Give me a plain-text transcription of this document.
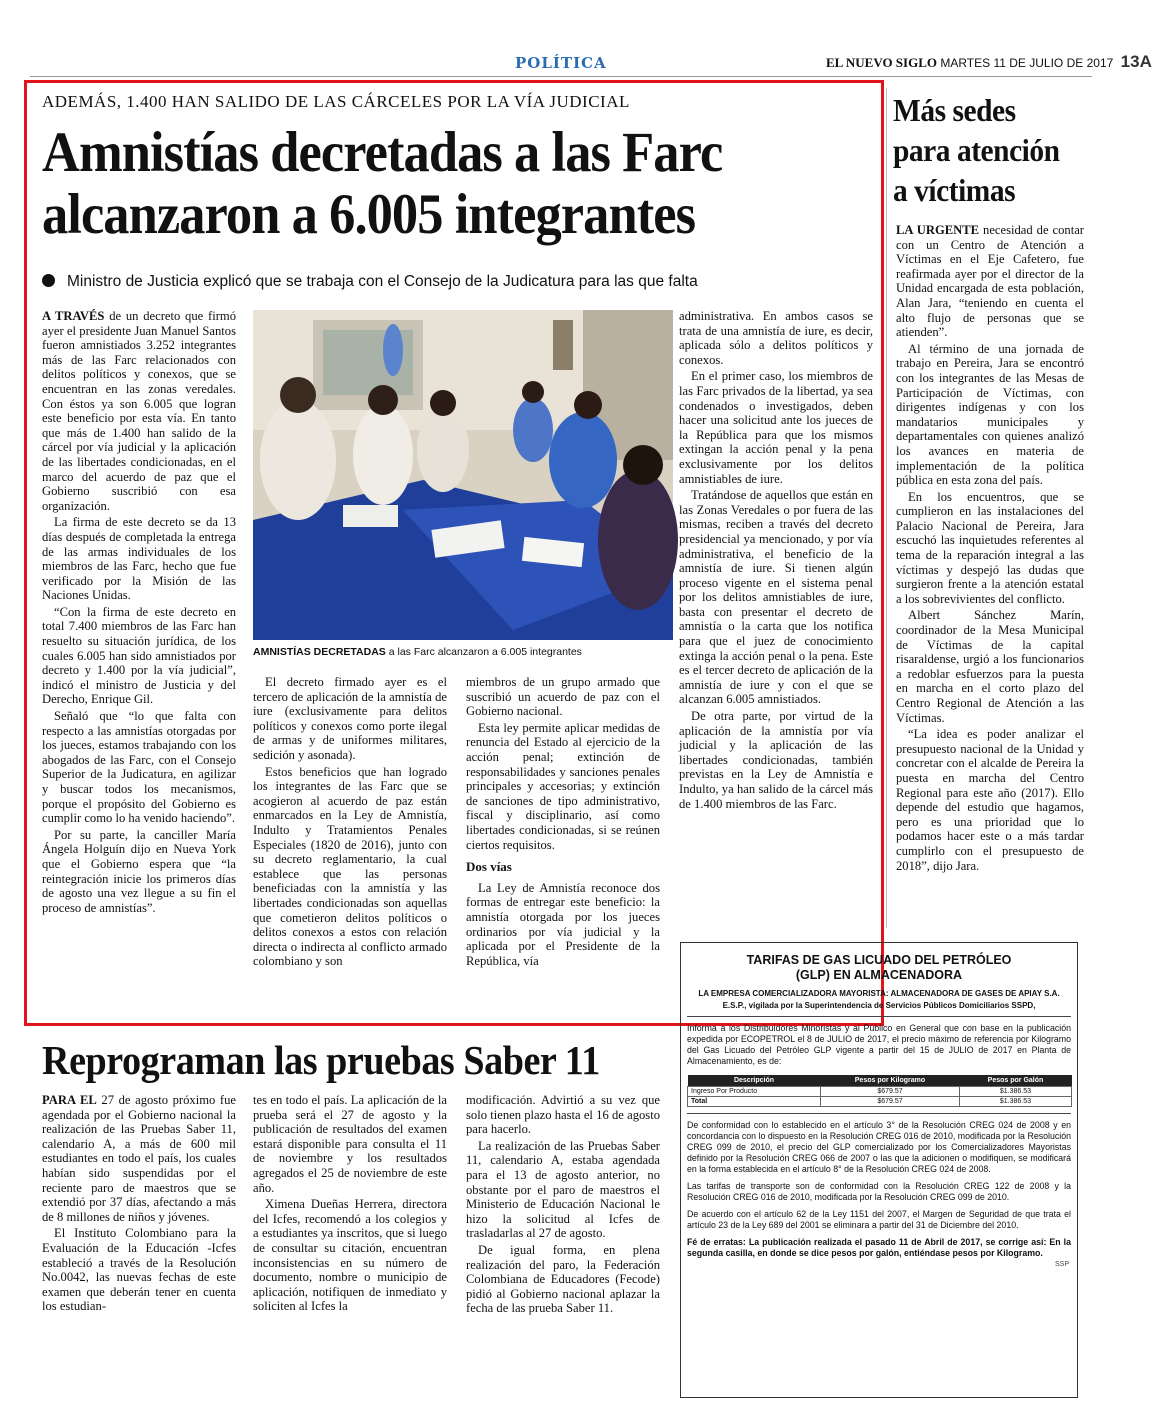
POLÍTICA	EL NUEVO SIGLO MARTES 11 DE JULIO DE 2017 13A
ADEMÁS, 1.400 HAN SALIDO DE LAS CÁRCELES POR LA VÍA JUDICIAL
Amnistías decretadas a las Farc alcanzaron a 6.005 integrantes
Ministro de Justicia explicó que se trabaja con el Consejo de la Judicatura para las que falta

A TRAVÉS de un decreto que firmó ayer el presidente Juan Manuel Santos fueron amnistiados 3.252 integrantes más de las Farc relacionados con delitos políticos y conexos, que se encuentran en las zonas veredales. Con éstos ya son 6.005 que logran este beneficio por esta vía. En tanto que más de 1.400 han salido de la cárcel por vía judicial y la aplicación de las libertades condicionadas, en el marco del acuerdo de paz que el Gobierno suscribió con esa organización.

La firma de este decreto se da 13 días después de completada la entrega de las armas individuales de los miembros de las Farc, hecho que fue verificado por la Misión de las Naciones Unidas.

“Con la firma de este decreto en total 7.400 miembros de las Farc han resuelto su situación jurídica, de los cuales 6.005 han sido amnistiados por decreto y 1.400 por la vía judicial”, indicó el ministro de Justicia y del Derecho, Enrique Gil.

Señaló que “lo que falta con respecto a las amnistías otorgadas por los jueces, estamos trabajando con los abogados de las Farc, con el Consejo Superior de la Judicatura, en agilizar y buscar todos los mecanismos, porque el propósito del Gobierno es cumplir como lo ha venido haciendo”.

Por su parte, la canciller María Ángela Holguín dijo en Nueva York que el Gobierno espera que “la reintegración inicie los primeros días de agosto una vez llegue a su fin el proceso de amnistías”.

AMNISTÍAS DECRETADAS a las Farc alcanzaron a 6.005 integrantes

El decreto firmado ayer es el tercero de aplicación de la amnistía de iure (exclusivamente para delitos políticos y conexos como porte ilegal de armas y de uniformes militares, sedición y asonada).

Estos beneficios que han logrado los integrantes de las Farc que se acogieron al acuerdo de paz están enmarcados en la Ley de Amnistía, Indulto y Tratamientos Penales Especiales (1820 de 2016), junto con su decreto reglamentario, la cual establece que las personas beneficiadas con la amnistía y las libertades condicionadas son aquellas que cometieron delitos políticos o delitos conexos a estos con relación directa o indirecta al conflicto armado colombiano y son

miembros de un grupo armado que suscribió un acuerdo de paz con el Gobierno nacional.

Esta ley permite aplicar medidas de renuncia del Estado al ejercicio de la acción penal; extinción de responsabilidades y sanciones penales principales y accesorias; y extinción de sanciones de tipo administrativo, fiscal y disciplinario, así como libertades condicionadas, si se reúnen ciertos requisitos.

Dos vías

La Ley de Amnistía reconoce dos formas de entregar este beneficio: la amnistía otorgada por los jueces ordinarios por vía judicial y la aplicada por el Presidente de la República, vía

administrativa. En ambos casos se trata de una amnistía de iure, es decir, aplicada sólo a delitos políticos y conexos.

En el primer caso, los miembros de las Farc privados de la libertad, ya sea condenados o investigados, deben hacer una solicitud ante los jueces de la República para que los mismos extingan la acción penal y la pena exclusivamente por los delitos amnistiables de iure.

Tratándose de aquellos que están en las Zonas Veredales o por fuera de las mismas, reciben a través del decreto presidencial ya mencionado, y por vía administrativa, el beneficio de la amnistía de iure. Si tienen algún proceso vigente en el sistema penal por los delitos amnistiables de iure, basta con presentar el decreto de amnistía o la carta que los notifica para que el juez de conocimiento extinga la acción penal o la pena. Este es el tercer decreto de aplicación de la amnistía de iure y con el que se alcanzan 6.005 amnistiados.

De otra parte, por virtud de la aplicación de la amnistía por vía judicial y la aplicación de las libertades condicionadas, también previstas en la Ley de Amnistía e Indulto, ya han salido de la cárcel más de 1.400 miembros de las Farc.

Más sedes para atención a víctimas

LA URGENTE necesidad de contar con un Centro de Atención a Víctimas en el Eje Cafetero, fue reafirmada ayer por el director de la Unidad encargada de esta población, Alan Jara, “teniendo en cuenta el alto flujo de personas que se atienden”.

Al término de una jornada de trabajo en Pereira, Jara se encontró con los integrantes de las Mesas de Participación de Víctimas, con dirigentes indígenas y con los mandatarios municipales y departamentales con quienes analizó los avances en materia de implementación de la política pública en esta zona del país.

En los encuentros, que se cumplieron en las instalaciones del Palacio Nacional de Pereira, Jara escuchó las inquietudes referentes al tema de la reparación integral a las víctimas y despejó las dudas que surgieron frente a la atención estatal a los sobrevivientes del conflicto.

Albert Sánchez Marín, coordinador de la Mesa Municipal de Víctimas de la capital risaraldense, urgió a los funcionarios a redoblar esfuerzos para la puesta en marcha en el corto plazo del Centro Regional de Atención a las Víctimas.

“La idea es poder analizar el presupuesto nacional de la Unidad y concretar con el alcalde de Pereira la puesta en marcha del Centro Regional para este año (2017). Ello depende del estudio que hagamos, pero es una prioridad que lo podamos hacer este o a más tardar cumplirlo con el presupuesto de 2018”, dijo Jara.

Reprograman las pruebas Saber 11

PARA EL 27 de agosto próximo fue agendada por el Gobierno nacional la realización de las Pruebas Saber 11, calendario A, a más de 600 mil estudiantes en todo el país, los cuales habían sido suspendidas por el reciente paro de maestros que se extendió por 37 días, afectando a más de 8 millones de niños y jóvenes.

El Instituto Colombiano para la Evaluación de la Educación -Icfes estableció a través de la Resolución No.0042, las nuevas fechas de este examen que deberán tener en cuenta los estudian-

tes en todo el país. La aplicación de la prueba será el 27 de agosto y la publicación de resultados del examen estará disponible para consulta el 11 de noviembre y los resultados agregados el 25 de noviembre de este año.

Ximena Dueñas Herrera, directora del Icfes, recomendó a los colegios y a estudiantes ya inscritos, que si luego de consultar su citación, encuentran inconsistencias en su número de documento, nombre o municipio de aplicación, notifiquen de inmediato y soliciten al Icfes la

modificación. Advirtió a su vez que solo tienen plazo hasta el 16 de agosto para hacerlo.

La realización de las Pruebas Saber 11, calendario A, estaba agendada para el 13 de agosto anterior, no obstante por el paro de maestros el Ministerio de Educación Nacional le hizo la solicitud al Icfes de trasladarlas al 27 de agosto.

De igual forma, en plena realización del paro, la Federación Colombiana de Educadores (Fecode) pidió al Gobierno nacional aplazar la fecha de las prueba Saber 11.

TARIFAS DE GAS LICUADO DEL PETRÓLEO
(GLP) EN ALMACENADORA
LA EMPRESA COMERCIALIZADORA MAYORISTA: ALMACENADORA DE GASES DE APIAY S.A.
E.S.P., vigilada por la Superintendencia de Servicios Públicos Domiciliarios SSPD,
Informa a los Distribuidores Minoristas y al Público en General que con base en la publicación expedida por ECOPETROL el 8 de JULIO de 2017, el precio máximo de referencia por Kilogramo del Gas Licuado del Petróleo GLP vigente a partir del 15 de JULIO de 2017 en Planta de Almacenamiento, es de:
Descripción	Pesos por Kilogramo	Pesos por Galón
Ingreso Por Producto	$679.57	$1.386.53
Total	$679.57	$1.386.53
De conformidad con lo establecido en el artículo 3° de la Resolución CREG 024 de 2008 y en concordancia con lo dispuesto en la Resolución CREG 016 de 2010, modificada por la Resolución CREG 099 de 2010, el precio del GLP comercializado por los Comercializadores Mayoristas definido por la Resolución CREG 066 de 2007 o las que la adicionen o modifiquen, se modificará en la forma establecida en el artículo 8° de la Resolución CREG 024 de 2008.
Las tarifas de transporte son de conformidad con la Resolución CREG 122 de 2008 y la Resolución CREG 016 de 2010, modificada por la Resolución CREG 099 de 2010.
De acuerdo con el artículo 62 de la Ley 1151 del 2007, el Margen de Seguridad de que trata el artículo 23 de la Ley 689 del 2001 se eliminara a partir del 31 de Diciembre del 2010.
Fé de erratas: La publicación realizada el pasado 11 de Abril de 2017, se corrige así: En la segunda casilla, en donde se dice pesos por galón, entiéndase pesos por Kilogramo.
SSP
